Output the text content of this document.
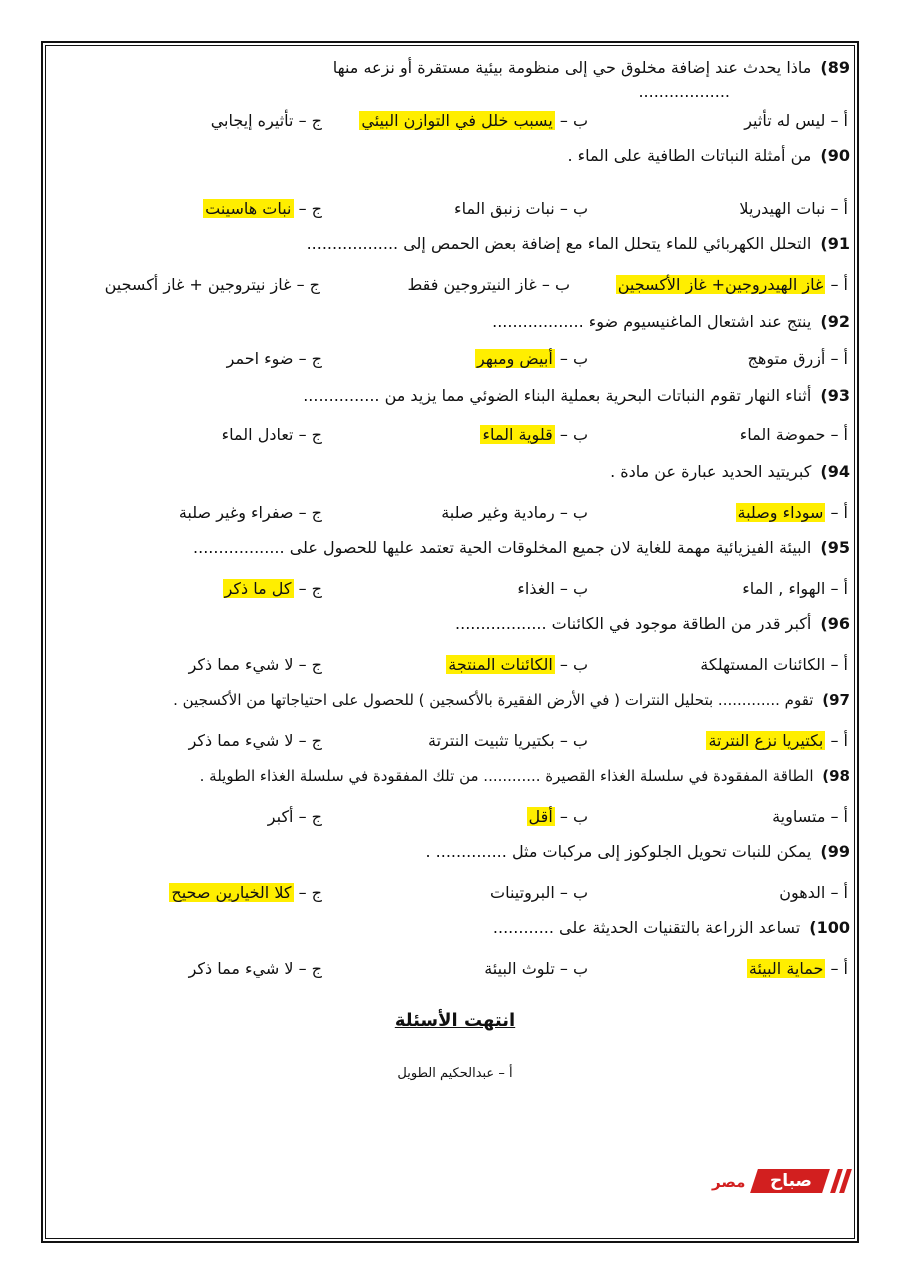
89) ماذا يحدث عند إضافة مخلوق حي إلى منظومة بيئية مستقرة أو نزعه منها
..................
أ – ليس له تأثير
ب – يسبب خلل في التوازن البيئي
ج – تأثيره إيجابي
90) من أمثلة النباتات الطافية على الماء .
أ – نبات الهيدريلا
ب – نبات زنبق الماء
ج – نبات هاسينت
91) التحلل الكهربائي للماء يتحلل الماء مع إضافة بعض الحمص إلى ..................
أ – غاز الهيدروجين+ غاز الأكسجين
ب – غاز النيتروجين فقط
ج – غاز نيتروجين + غاز أكسجين
92) ينتج عند اشتعال الماغنيسيوم ضوء ..................
أ – أزرق متوهج
ب – أبيض ومبهر
ج – ضوء احمر
93) أثناء النهار تقوم النباتات البحرية بعملية البناء الضوئي مما يزيد من ...............
أ – حموضة الماء
ب – قلوية الماء
ج – تعادل الماء
94) كبريتيد الحديد عبارة عن مادة .
أ – سوداء وصلبة
ب – رمادية وغير صلبة
ج – صفراء وغير صلبة
95) البيئة الفيزيائية مهمة للغاية لان جميع المخلوقات الحية تعتمد عليها للحصول على ..................
أ – الهواء , الماء
ب – الغذاء
ج – كل ما ذكر
96) أكبر قدر من الطاقة موجود في الكائنات ..................
أ – الكائنات المستهلكة
ب – الكائنات المنتجة
ج – لا شيء مما ذكر
97) تقوم ............. بتحليل النترات ( في الأرض الفقيرة بالأكسجين ) للحصول على احتياجاتها من الأكسجين .
أ – بكتيريا نزع النترتة
ب – بكتيريا تثبيت النترتة
ج – لا شيء مما ذكر
98) الطاقة المفقودة في سلسلة الغذاء القصيرة ............ من تلك المفقودة في سلسلة الغذاء الطويلة .
أ – متساوية
ب – أقل
ج – أكبر
99) يمكن للنبات تحويل الجلوكوز إلى مركبات مثل .............. .
أ – الدهون
ب – البروتينات
ج – كلا الخيارين صحيح
100) تساعد الزراعة بالتقنيات الحديثة على ............
أ – حماية البيئة
ب – تلوث البيئة
ج – لا شيء مما ذكر
انتهت الأسئلة
أ – عبدالحكيم الطويل
صباح
مصر
